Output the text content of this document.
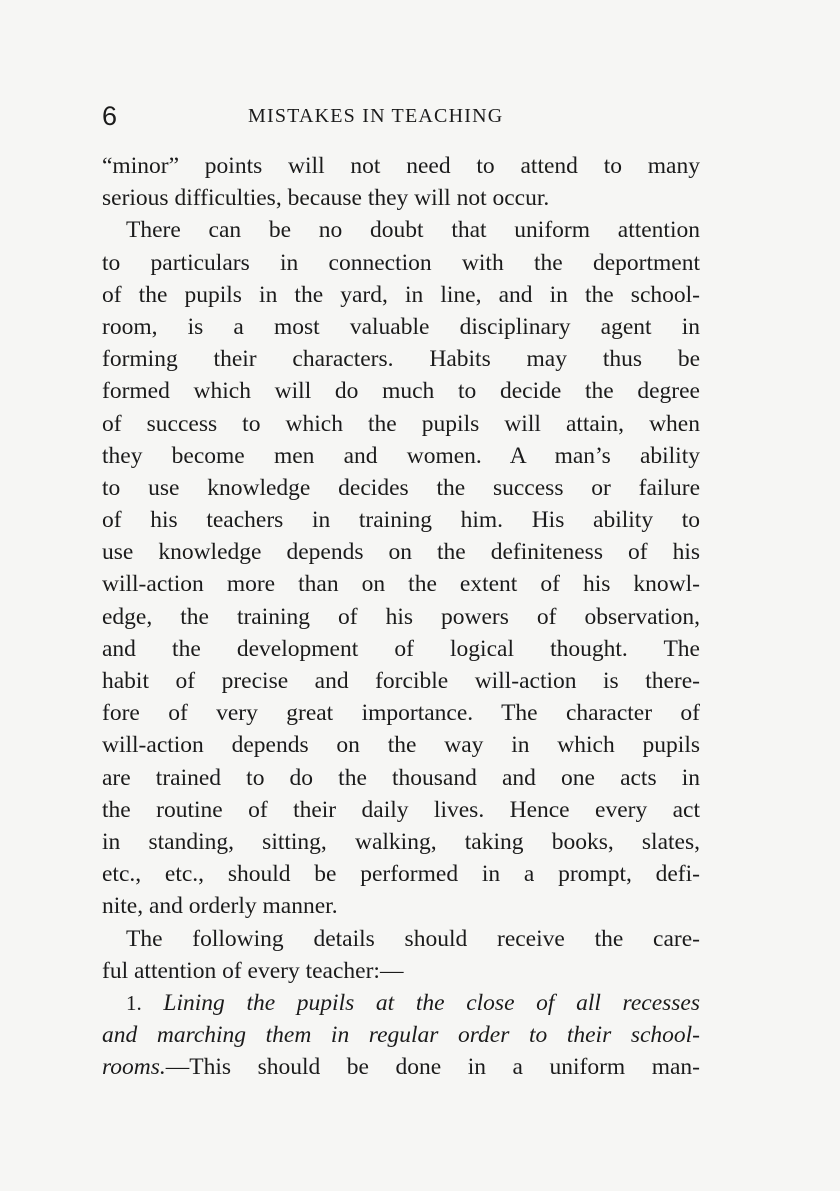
6	MISTAKES IN TEACHING
“minor” points will not need to attend to many
serious difficulties, because they will not occur.
There can be no doubt that uniform attention
to particulars in connection with the deportment
of the pupils in the yard, in line, and in the school-
room, is a most valuable disciplinary agent in
forming their characters. Habits may thus be
formed which will do much to decide the degree
of success to which the pupils will attain, when
they become men and women. A man’s ability
to use knowledge decides the success or failure
of his teachers in training him. His ability to
use knowledge depends on the definiteness of his
will-action more than on the extent of his knowl-
edge, the training of his powers of observation,
and the development of logical thought. The
habit of precise and forcible will-action is there-
fore of very great importance. The character of
will-action depends on the way in which pupils
are trained to do the thousand and one acts in
the routine of their daily lives. Hence every act
in standing, sitting, walking, taking books, slates,
etc., etc., should be performed in a prompt, defi-
nite, and orderly manner.
The following details should receive the care-
ful attention of every teacher:—
1. Lining the pupils at the close of all recesses
and marching them in regular order to their school-
rooms.—This should be done in a uniform man-
